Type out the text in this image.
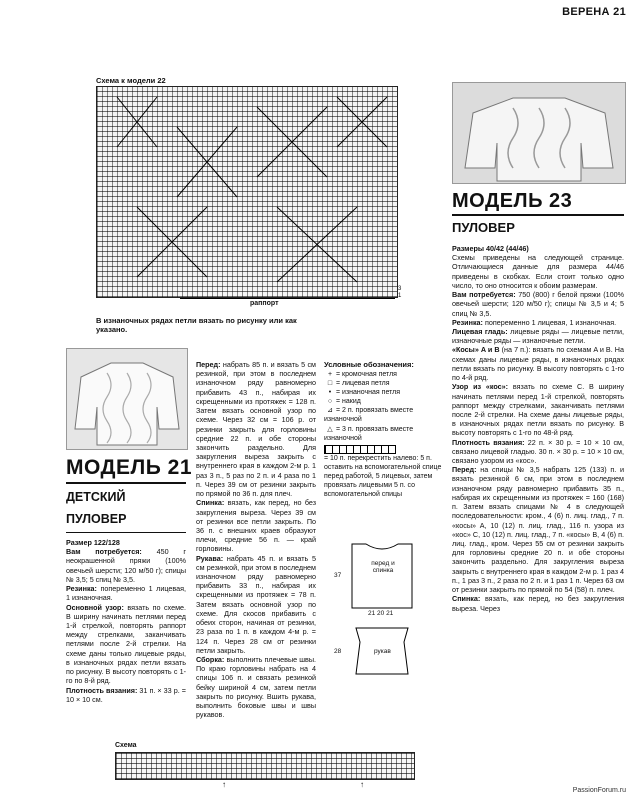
ВЕРЕНА 21
Схема к модели 22
3
1
раппорт
В изнаночных рядах петли вязать по рисунку или как указано.
МОДЕЛЬ 23
ПУЛОВЕР
Размеры 40/42 (44/46)
Схемы приведены на следующей странице. Отличающиеся данные для размера 44/46 приведены в скобках. Если стоит только одно число, то оно относится к обоим размерам.
Вам потребуется: 750 (800) г белой пряжи (100% овечьей шерсти; 120 м/50 г); спицы № 3,5 и 4; 5 спиц № 3,5.
Резинка: попеременно 1 лицевая, 1 изнаночная.
Лицевая гладь: лицевые ряды — лицевые петли, изнаночные ряды — изнаночные петли.
«Косы» A и B (на 7 п.): вязать по схемам A и B. На схемах даны лицевые ряды, в изнаночных рядах петли вязать по рисунку. В высоту повторять с 1-го по 4-й ряд.
Узор из «кос»: вязать по схеме С. В ширину начинать петлями перед 1-й стрелкой, повторять раппорт между стрелками, заканчивать петлями после 2-й стрелки. На схеме даны лицевые ряды, в изнаночных рядах петли вязать по рисунку. В высоту повторять с 1-го по 48-й ряд.
Плотность вязания: 22 п. × 30 р. = 10 × 10 см, связано лицевой гладью. 30 п. × 30 р. = 10 × 10 см, связано узором из «кос».
Перед: на спицы № 3,5 набрать 125 (133) п. и вязать резинкой 6 см, при этом в последнем изнаночном ряду равномерно прибавить 35 п., набирая их скрещенными из протяжек = 160 (168) п. Затем вязать спицами № 4 в следующей последовательности: кром., 4 (6) п. лиц. глад., 7 п. «косы» A, 10 (12) п. лиц. глад., 116 п. узора из «кос» C, 10 (12) п. лиц. глад., 7 п. «косы» B, 4 (6) п. лиц. глад., кром. Через 55 см от резинки закрыть для горловины средние 20 п. и обе стороны закончить раздельно. Для закругления выреза закрыть с внутреннего края в каждом 2-м р. 1 раз 4 п., 1 раз 3 п., 2 раза по 2 п. и 1 раз 1 п. Через 63 см от резинки закрыть по прямой по 54 (58) п. плеч.
Спинка: вязать, как перед, но без закругления выреза. Через
МОДЕЛЬ 21
ДЕТСКИЙ
ПУЛОВЕР
Размер 122/128
Вам потребуется: 450 г неокрашенной пряжи (100% овечьей шерсти; 120 м/50 г); спицы № 3,5; 5 спиц № 3,5.
Резинка: попеременно 1 лицевая, 1 изнаночная.
Основной узор: вязать по схеме. В ширину начинать петлями перед 1-й стрелкой, повторять раппорт между стрелками, заканчивать петлями после 2-й стрелки. На схеме даны только лицевые ряды, в изнаночных рядах петли вязать по рисунку. В высоту повторять с 1-го по 8-й ряд.
Плотность вязания: 31 п. × 33 р. = 10 × 10 см.
Перед: набрать 85 п. и вязать 5 см резинкой, при этом в последнем изнаночном ряду равномерно прибавить 43 п., набирая их скрещенными из протяжек = 128 п. Затем вязать основной узор по схеме. Через 32 см = 106 р. от резинки закрыть для горловины средние 22 п. и обе стороны закончить раздельно. Для закругления выреза закрыть с внутреннего края в каждом 2-м р. 1 раз 3 п., 5 раз по 2 п. и 4 раза по 1 п. Через 39 см от резинки закрыть по прямой по 36 п. для плеч.
Спинка: вязать, как перед, но без закругления выреза. Через 39 см от резинки все петли закрыть. По 36 п. с внешних краев образуют плечи, средние 56 п. — край горловины.
Рукава: набрать 45 п. и вязать 5 см резинкой, при этом в последнем изнаночном ряду равномерно прибавить 33 п., набирая их скрещенными из протяжек = 78 п. Затем вязать основной узор по схеме. Для скосов прибавить с обеих сторон, начиная от резинки, 23 раза по 1 п. в каждом 4-м р. = 124 п. Через 28 см от резинки петли закрыть.
Сборка: выполнить плечевые швы. По краю горловины набрать на 4 спицы 106 п. и связать резинкой бейку шириной 4 см, затем петли закрыть по рисунку. Вшить рукава, выполнить боковые швы и швы рукавов.
Условные обозначения:
+ = кромочная петля
□ = лицевая петля
• = изнаночная петля
○ = накид
⊿ = 2 п. провязать вместе изнаночной
△ = 3 п. провязать вместе изнаночной
= 10 п. перекрестить налево: 5 п. оставить на вспомогательной спице перед работой, 5 лицевых, затем провязать лицевыми 5 п. со вспомогательной спицы
перед и спинка
37
21 20 21
28	рукав
Схема
↑	↑
PassionForum.ru
